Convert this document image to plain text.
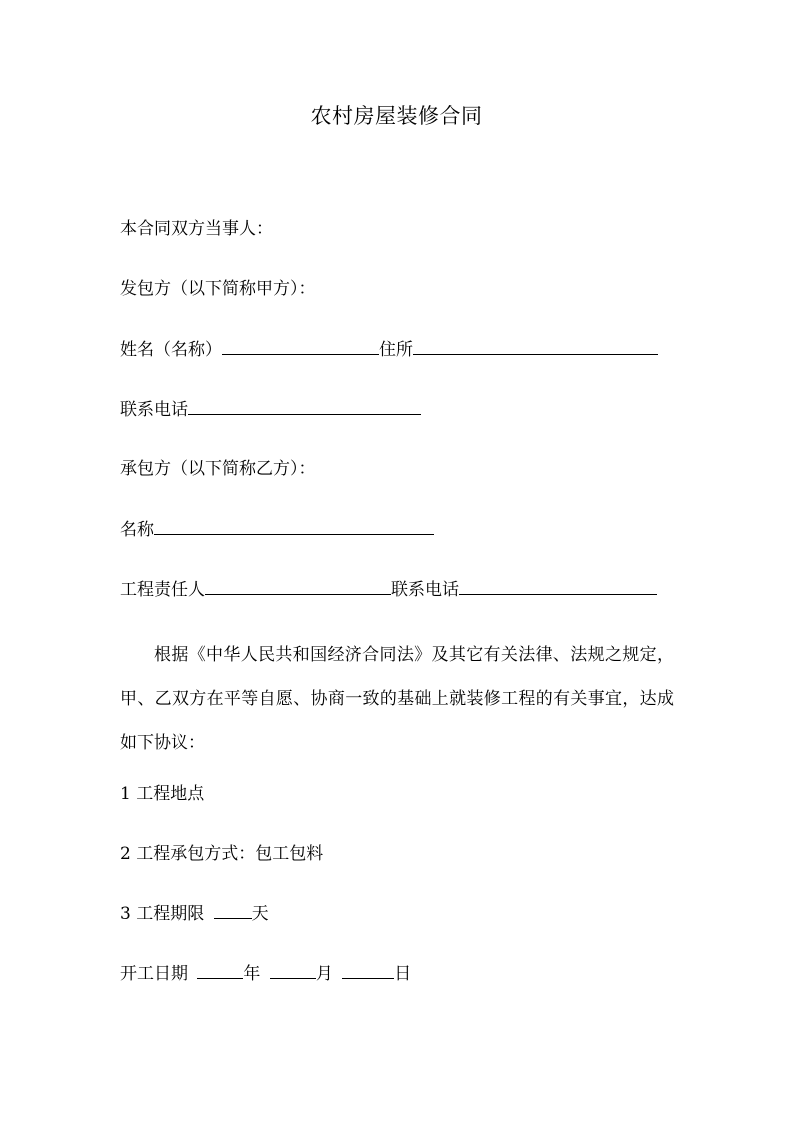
农村房屋装修合同
本合同双方当事人：
发包方（以下简称甲方）：
姓名（名称）	住所
联系电话
承包方（以下简称乙方）：
名称
工程责任人	联系电话
根据《中华人民共和国经济合同法》及其它有关法律、法规之规定，甲、乙双方在平等自愿、协商一致的基础上就装修工程的有关事宜，达成如下协议：
1 工程地点
2 工程承包方式：包工包料
3 工程期限	天
开工日期	年	月	日
